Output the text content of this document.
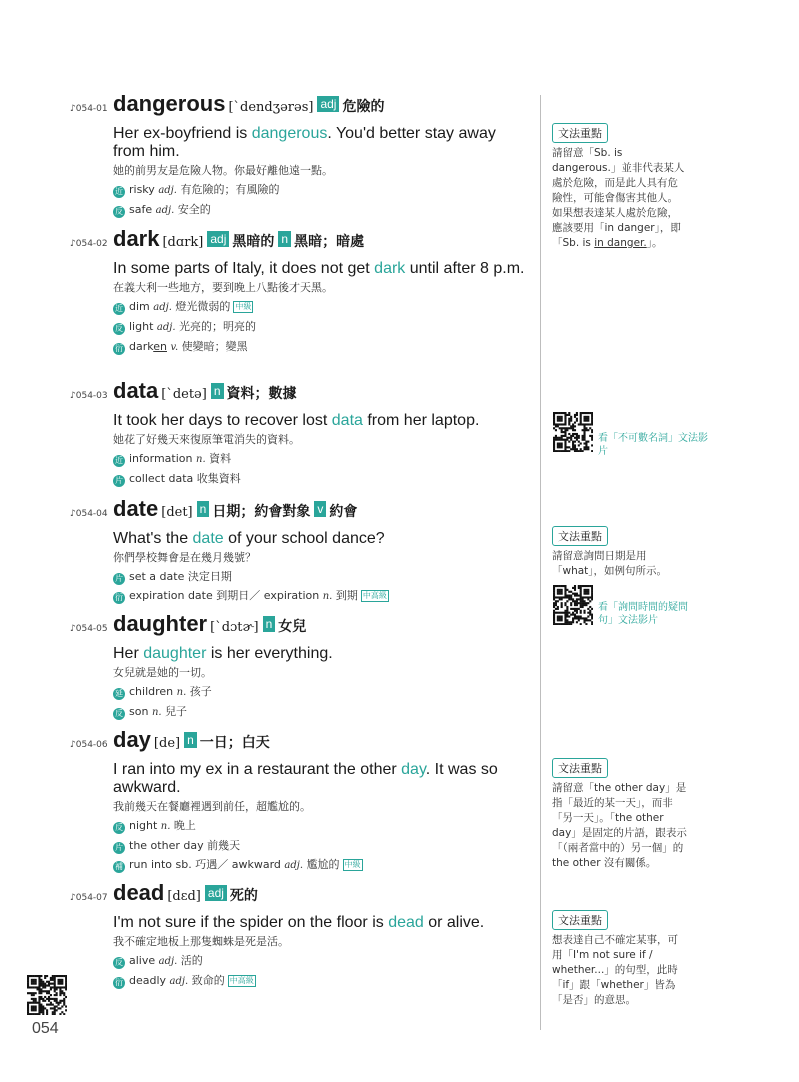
♪054-01 dangerous [ˋdendʒərəs] adj 危險的
Her ex-boyfriend is dangerous. You'd better stay away from him.
她的前男友是危險人物。你最好離他遠一點。
近 risky adj. 有危險的；有風險的
反 safe adj. 安全的
♪054-02 dark [dɑrk] adj 黑暗的 n 黑暗；暗處
In some parts of Italy, it does not get dark until after 8 p.m.
在義大利一些地方，要到晚上八點後才天黑。
近 dim adj. 燈光微弱的 中級
反 light adj. 光亮的；明亮的
衍 darken v. 使變暗；變黑
♪054-03 data [ˋdetə] n 資料；數據
It took her days to recover lost data from her laptop.
她花了好幾天來復原筆電消失的資料。
近 information n. 資料
片 collect data 收集資料
♪054-04 date [det] n 日期；約會對象 v 約會
What's the date of your school dance?
你們學校舞會是在幾月幾號？
片 set a date 決定日期
衍 expiration date 到期日／ expiration n. 到期 中高級
♪054-05 daughter [ˋdɔtɚ] n 女兒
Her daughter is her everything.
女兒就是她的一切。
延 children n. 孩子
反 son n. 兒子
♪054-06 day [de] n 一日；白天
I ran into my ex in a restaurant the other day. It was so awkward.
我前幾天在餐廳裡遇到前任，超尷尬的。
反 night n. 晚上
片 the other day 前幾天
補 run into sb. 巧遇／ awkward adj. 尷尬的 中級
♪054-07 dead [dɛd] adj 死的
I'm not sure if the spider on the floor is dead or alive.
我不確定地板上那隻蜘蛛是死是活。
反 alive adj. 活的
衍 deadly adj. 致命的 中高級
文法重點
請留意「Sb. is dangerous.」並非代表某人處於危險，而是此人具有危險性，可能會傷害其他人。如果想表達某人處於危險，應該要用「in danger」，即「Sb. is in danger.」。
看「不可數名詞」文法影片
文法重點
請留意詢問日期是用「what」，如例句所示。
看「詢問時間的疑問句」文法影片
文法重點
請留意「the other day」是指「最近的某一天」，而非「另一天」。「the other day」是固定的片語，跟表示「（兩者當中的）另一個」的 the other 沒有關係。
文法重點
想表達自己不確定某事，可用「I'm not sure if / whether...」的句型，此時「if」跟「whether」皆為「是否」的意思。
054
